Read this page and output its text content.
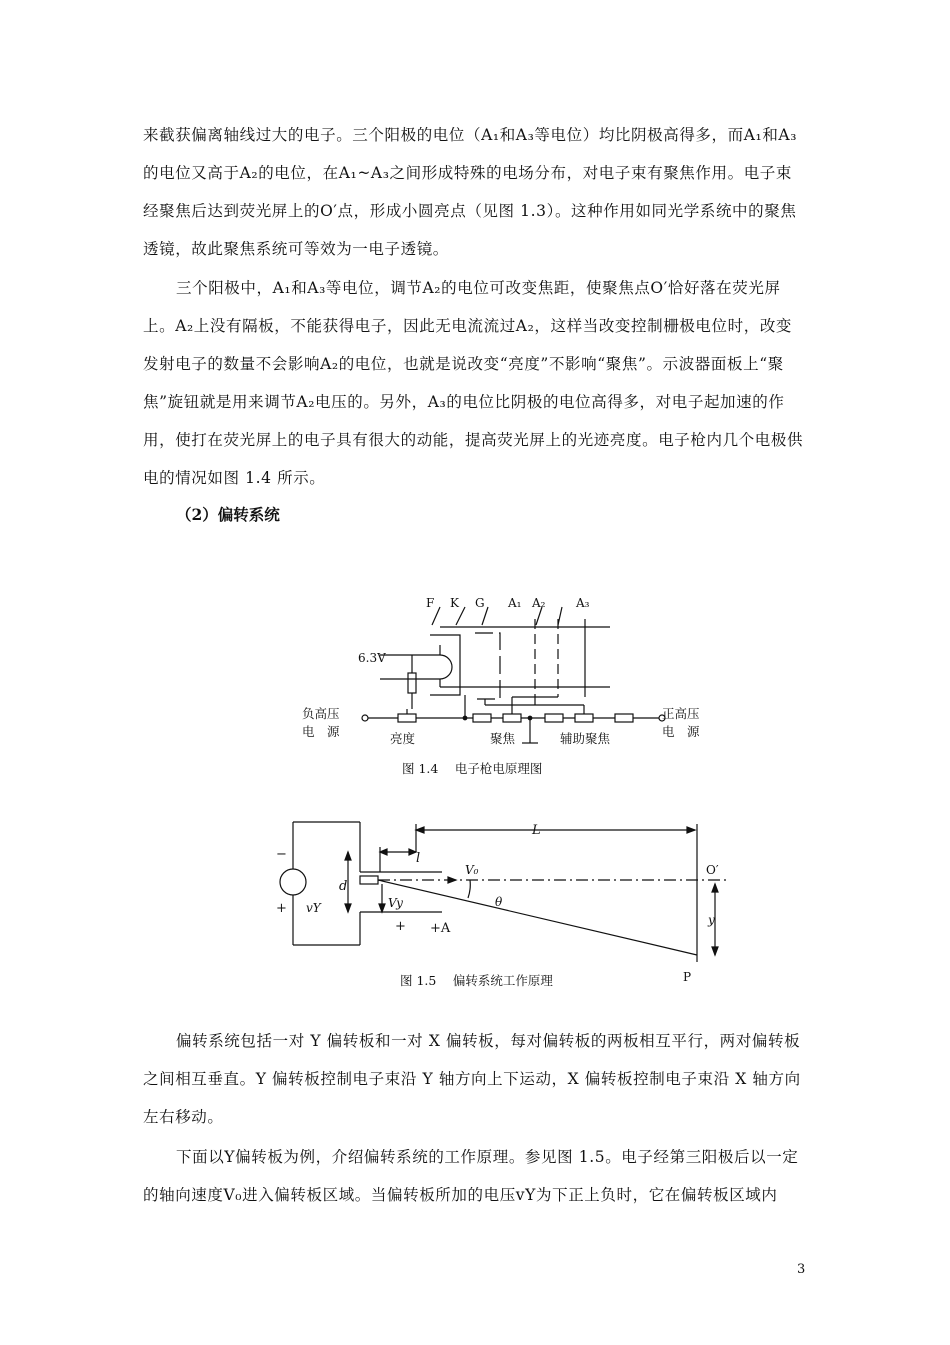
来截获偏离轴线过大的电子。三个阳极的电位（A₁和A₃等电位）均比阴极高得多，而A₁和A₃的电位又高于A₂的电位，在A₁~A₃之间形成特殊的电场分布，对电子束有聚焦作用。电子束经聚焦后达到荧光屏上的O′点，形成小圆亮点（见图 1.3）。这种作用如同光学系统中的聚焦透镜，故此聚焦系统可等效为一电子透镜。

三个阳极中，A₁和A₃等电位，调节A₂的电位可改变焦距，使聚焦点O′恰好落在荧光屏上。A₂上没有隔板，不能获得电子，因此无电流流过A₂，这样当改变控制栅极电位时，改变发射电子的数量不会影响A₂的电位，也就是说改变“亮度”不影响“聚焦”。示波器面板上“聚焦”旋钮就是用来调节A₂电压的。另外，A₃的电位比阴极的电位高得多，对电子起加速的作用，使打在荧光屏上的电子具有很大的动能，提高荧光屏上的光迹亮度。电子枪内几个电极供电的情况如图 1.4 所示。

（2）偏转系统
F K G A₁ A₂	A₃
6.3V
负高压
电　源
正高压
电　源
亮度	聚焦	辅助聚焦
图 1.4　 电子枪电原理图
L
l
V₀	O′
d
vY	Vy	θ
y
−
+
+ +A
P
图 1.5　 偏转系统工作原理

偏转系统包括一对 Y 偏转板和一对 X 偏转板，每对偏转板的两板相互平行，两对偏转板之间相互垂直。Y 偏转板控制电子束沿 Y 轴方向上下运动，X 偏转板控制电子束沿 X 轴方向左右移动。

下面以Y偏转板为例，介绍偏转系统的工作原理。参见图 1.5。电子经第三阳极后以一定的轴向速度V₀进入偏转板区域。当偏转板所加的电压vY为下正上负时，它在偏转板区域内

3
